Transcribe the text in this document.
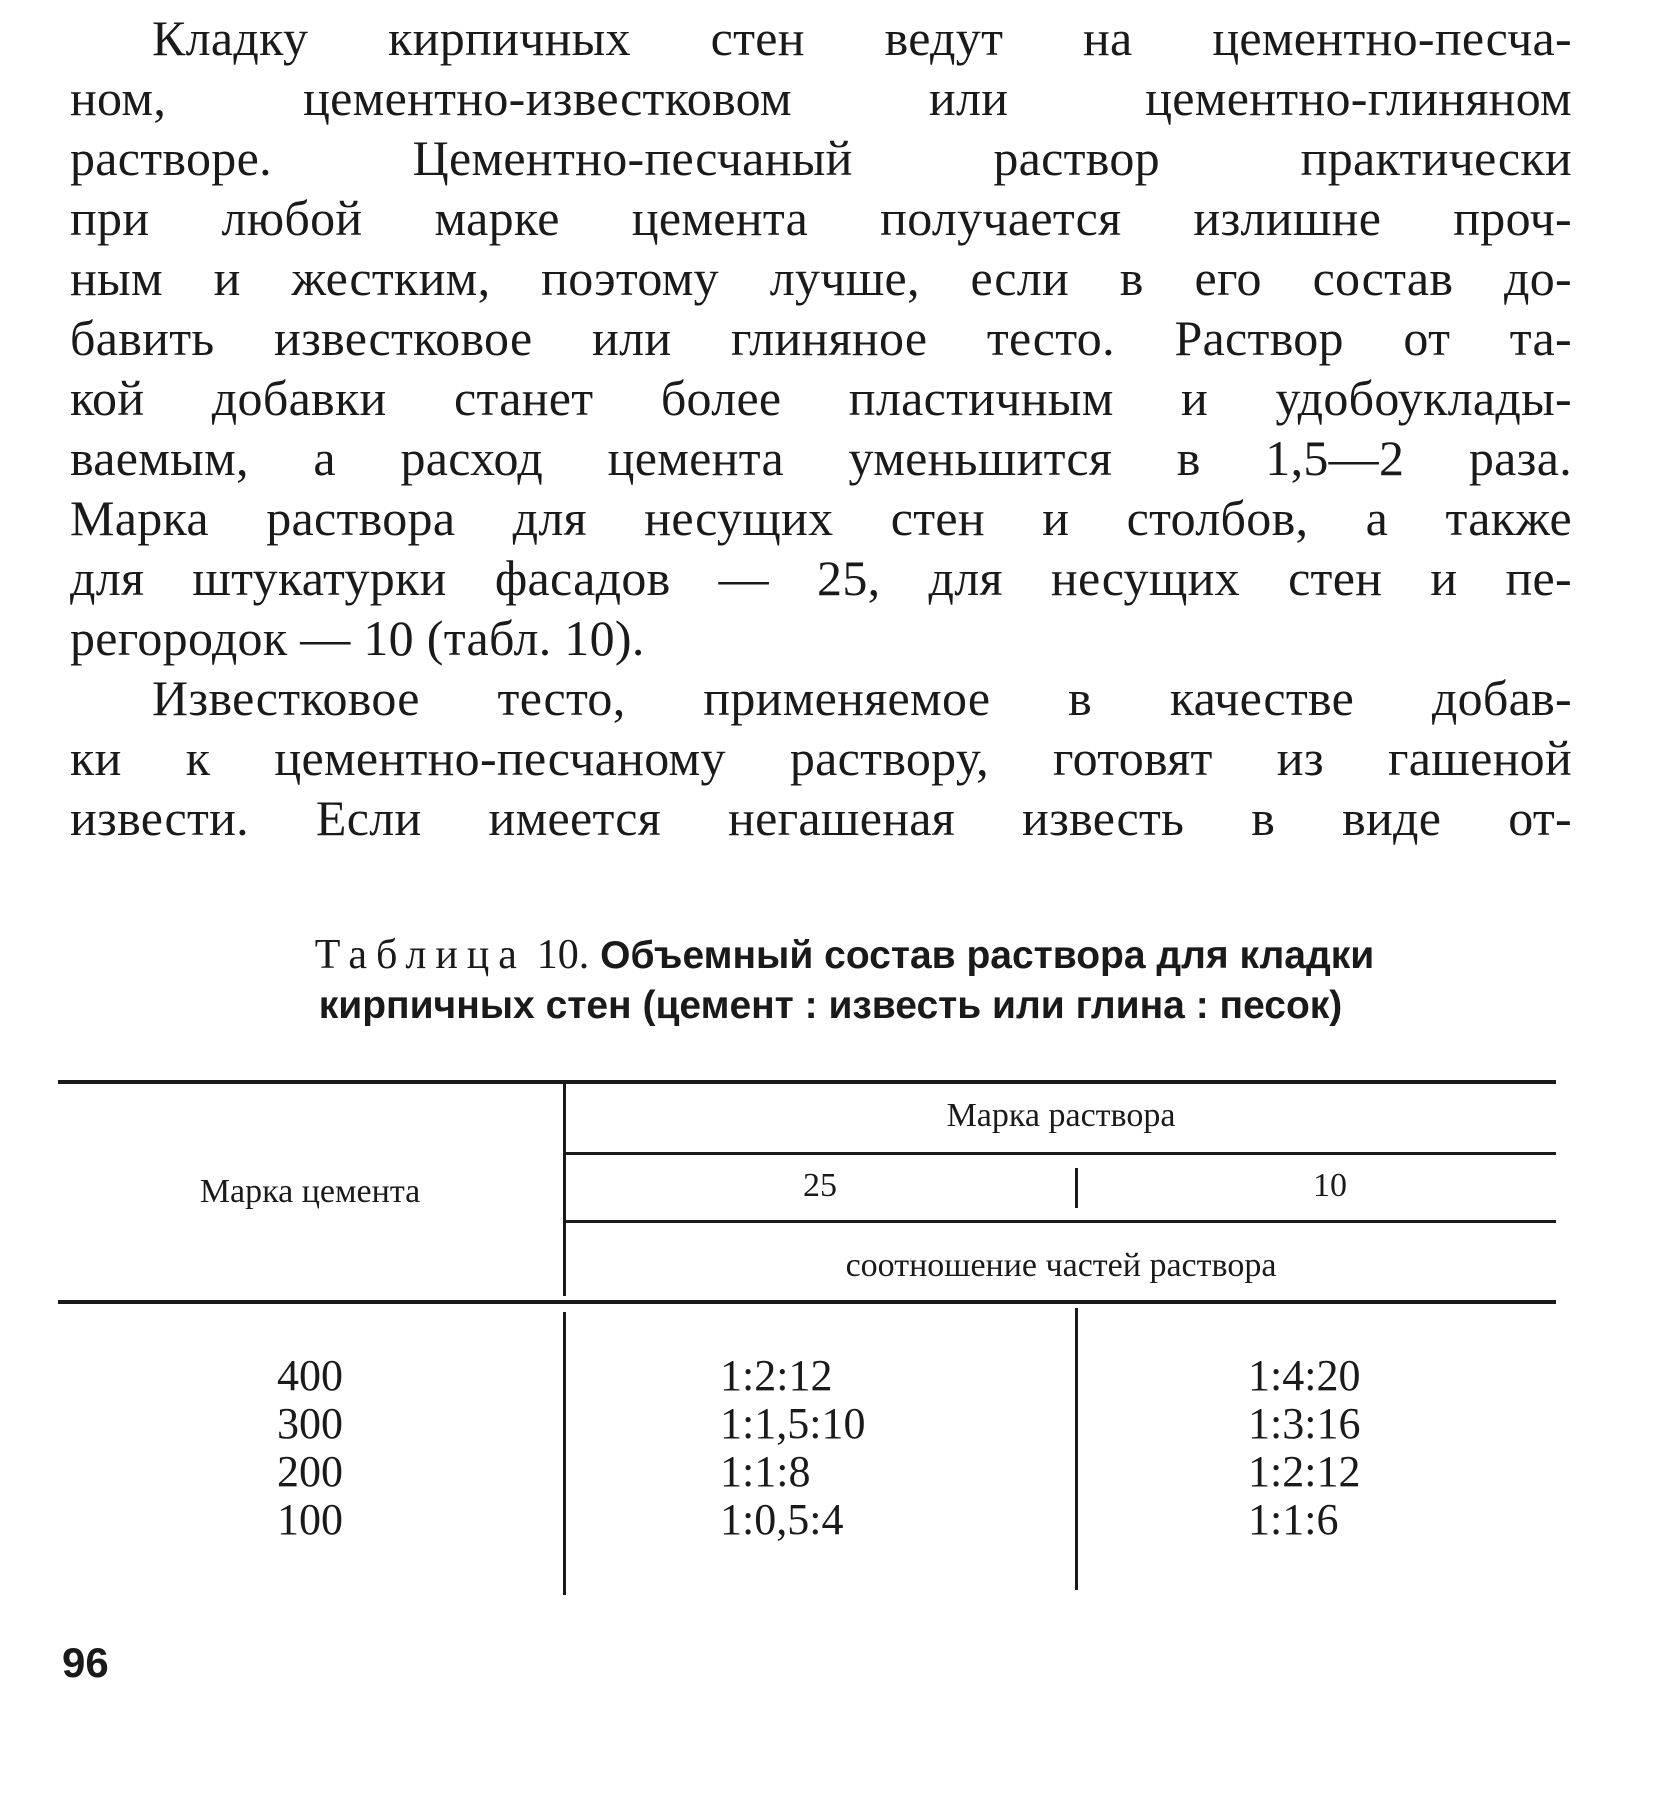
Кладку кирпичных стен ведут на цементно-песча-
ном, цементно-известковом или цементно-глиняном
растворе. Цементно-песчаный раствор практически
при любой марке цемента получается излишне проч-
ным и жестким, поэтому лучше, если в его состав до-
бавить известковое или глиняное тесто. Раствор от та-
кой добавки станет более пластичным и удобоуклады-
ваемым, а расход цемента уменьшится в 1,5—2 раза.
Марка раствора для несущих стен и столбов, а также
для штукатурки фасадов — 25, для несущих стен и пе-
регородок — 10 (табл. 10).
Известковое тесто, применяемое в качестве добав-
ки к цементно-песчаному раствору, готовят из гашеной
извести. Если имеется негашеная известь в виде от-
Таблица 10. Объемный состав раствора для кладки
кирпичных стен (цемент : известь или глина : песок)
Марка цемента
Марка раствора
25	10
соотношение частей раствора
400	1:2:12	1:4:20
300	1:1,5:10	1:3:16
200	1:1:8	1:2:12
100	1:0,5:4	1:1:6
96
